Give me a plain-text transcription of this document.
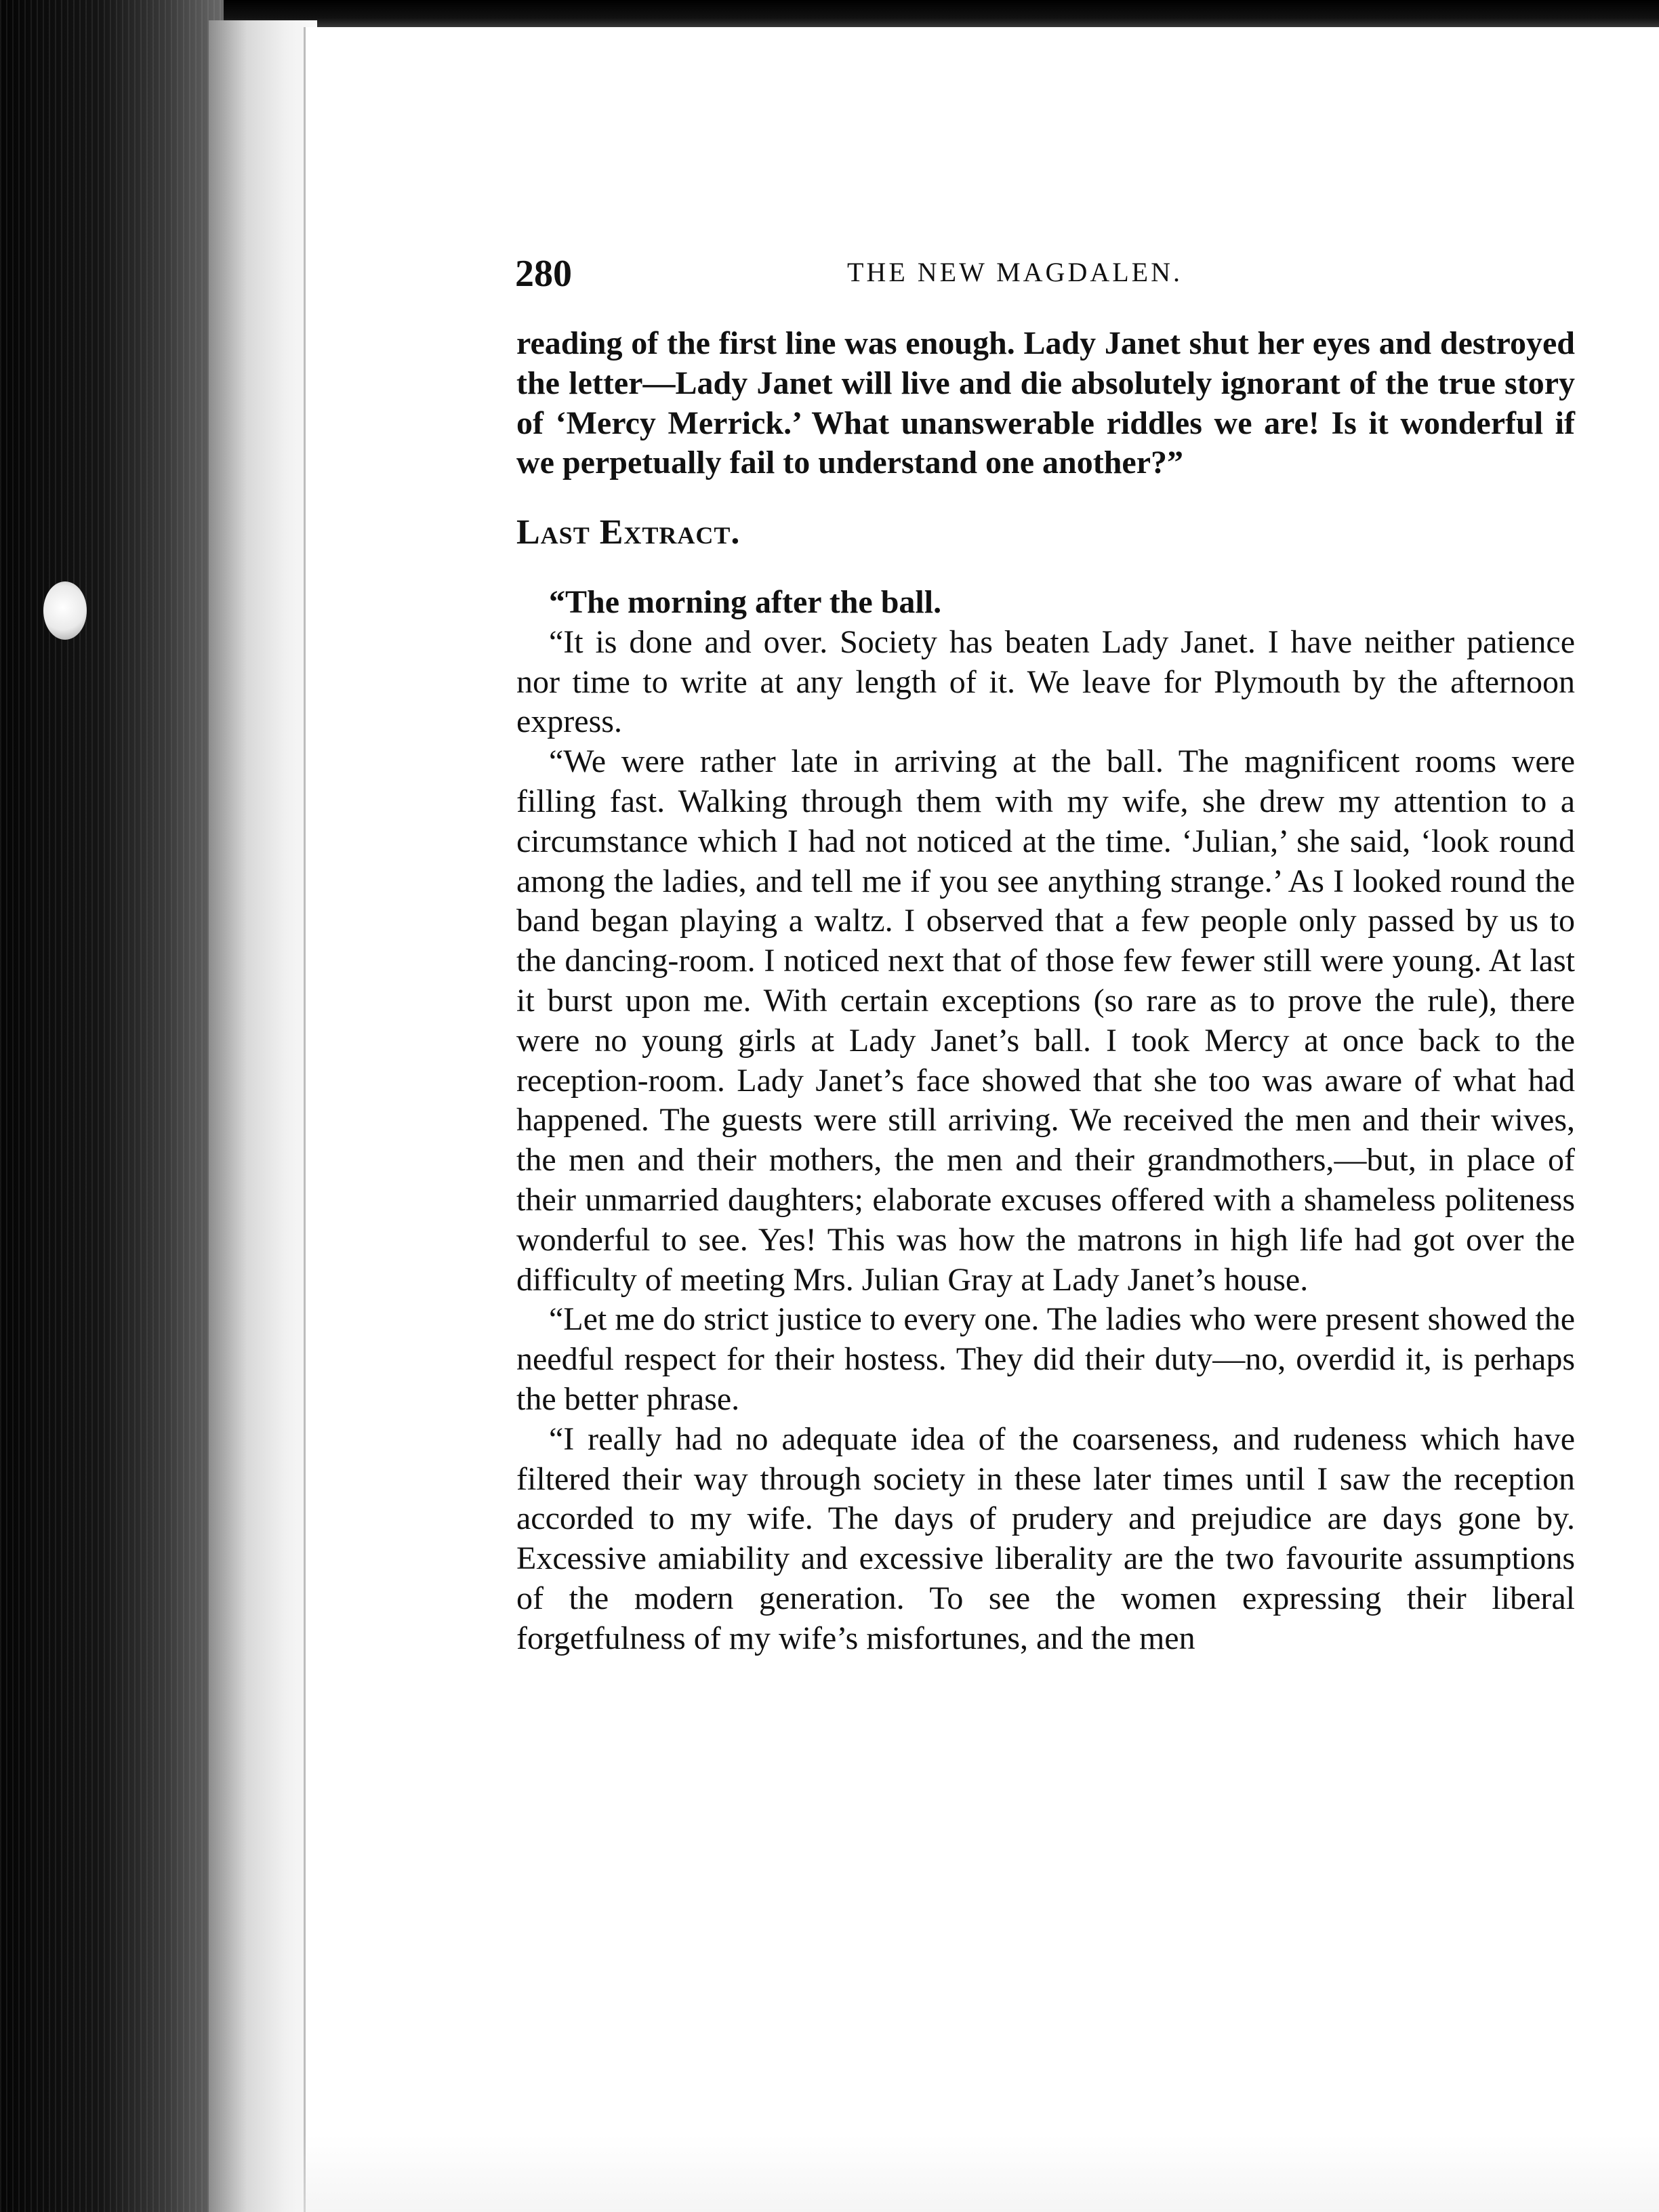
280	THE NEW MAGDALEN.

reading of the first line was enough. Lady Janet shut her eyes and destroyed the letter—Lady Janet will live and die absolutely ignorant of the true story of ‘Mercy Merrick.’ What unanswerable riddles we are! Is it wonderful if we perpetually fail to understand one another?”

Last Extract.

“The morning after the ball.

“It is done and over. Society has beaten Lady Janet. I have neither patience nor time to write at any length of it. We leave for Plymouth by the afternoon express.

“We were rather late in arriving at the ball. The magnificent rooms were filling fast. Walking through them with my wife, she drew my attention to a circumstance which I had not noticed at the time. ‘Julian,’ she said, ‘look round among the ladies, and tell me if you see anything strange.’ As I looked round the band began playing a waltz. I observed that a few people only passed by us to the dancing-room. I noticed next that of those few fewer still were young. At last it burst upon me. With certain exceptions (so rare as to prove the rule), there were no young girls at Lady Janet’s ball. I took Mercy at once back to the reception-room. Lady Janet’s face showed that she too was aware of what had happened. The guests were still arriving. We received the men and their wives, the men and their mothers, the men and their grandmothers,—but, in place of their unmarried daughters; elaborate excuses offered with a shameless politeness wonderful to see. Yes! This was how the matrons in high life had got over the difficulty of meeting Mrs. Julian Gray at Lady Janet’s house.

“Let me do strict justice to every one. The ladies who were present showed the needful respect for their hostess. They did their duty—no, overdid it, is perhaps the better phrase.

“I really had no adequate idea of the coarseness, and rudeness which have filtered their way through society in these later times until I saw the reception accorded to my wife. The days of prudery and prejudice are days gone by. Excessive amiability and excessive liberality are the two favourite assumptions of the modern generation. To see the women expressing their liberal forgetfulness of my wife’s misfortunes, and the men
